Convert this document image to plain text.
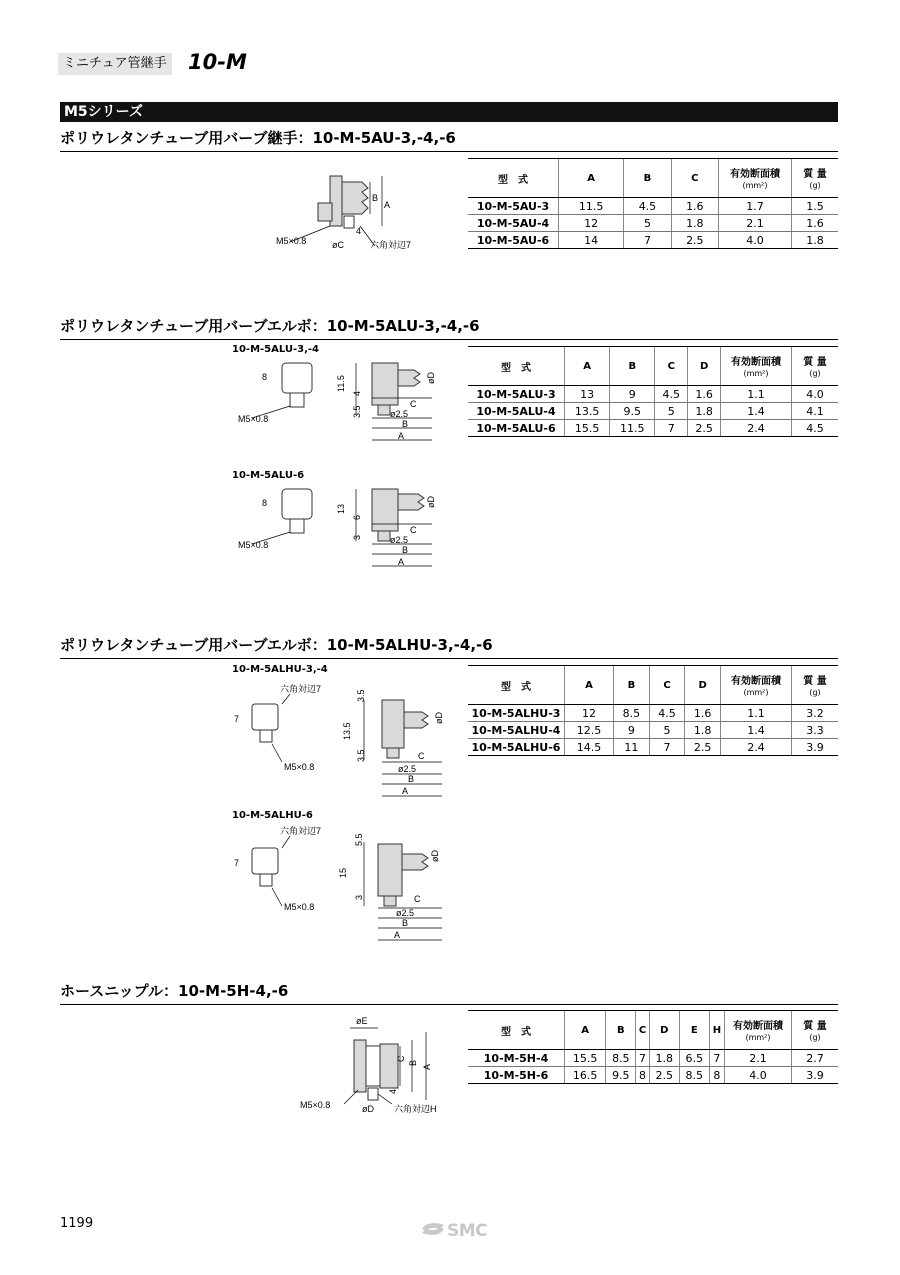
ミニチュア管継手 10-M
M5シリーズ
ポリウレタンチューブ用バーブ継手：10-M-5AU-3,-4,-6
B
A
4
M5×0.8	øC	六角対辺7
型　式	A	B	C	有効断面積
(mm²)	質 量
(g)
10-M-5AU-3	11.5	4.5	1.6	1.7	1.5
10-M-5AU-4	12	5	1.8	2.1	1.6
10-M-5AU-6	14	7	2.5	4.0	1.8
ポリウレタンチューブ用バーブエルボ：10-M-5ALU-3,-4,-6
10-M-5ALU-3,-4
8
M5×0.8
11.5
4
3.5
øD
C
ø2.5
B
A
10-M-5ALU-6
8
M5×0.8
13
6
3
øD
C
ø2.5
B
A
型　式	A	B	C	D	有効断面積
(mm²)	質 量
(g)
10-M-5ALU-3	13	9	4.5	1.6	1.1	4.0
10-M-5ALU-4	13.5	9.5	5	1.8	1.4	4.1
10-M-5ALU-6	15.5	11.5	7	2.5	2.4	4.5
ポリウレタンチューブ用バーブエルボ：10-M-5ALHU-3,-4,-6
10-M-5ALHU-3,-4
六角対辺7
7
M5×0.8
3.5
13.5
3.5
øD
C
ø2.5
B
A
10-M-5ALHU-6
六角対辺7
7
M5×0.8
5.5
15
3
øD
C
ø2.5
B
A
型　式	A	B	C	D	有効断面積
(mm²)	質 量
(g)
10-M-5ALHU-3	12	8.5	4.5	1.6	1.1	3.2
10-M-5ALHU-4	12.5	9	5	1.8	1.4	3.3
10-M-5ALHU-6	14.5	11	7	2.5	2.4	3.9
ホースニップル：10-M-5H-4,-6
øE
C
B
A
4
M5×0.8	øD 六角対辺H
型　式	A	B	C	D	E	H	有効断面積
(mm²)	質 量
(g)
10-M-5H-4	15.5	8.5	7	1.8	6.5	7	2.1	2.7
10-M-5H-6	16.5	9.5	8	2.5	8.5	8	4.0	3.9
1199	SMC
